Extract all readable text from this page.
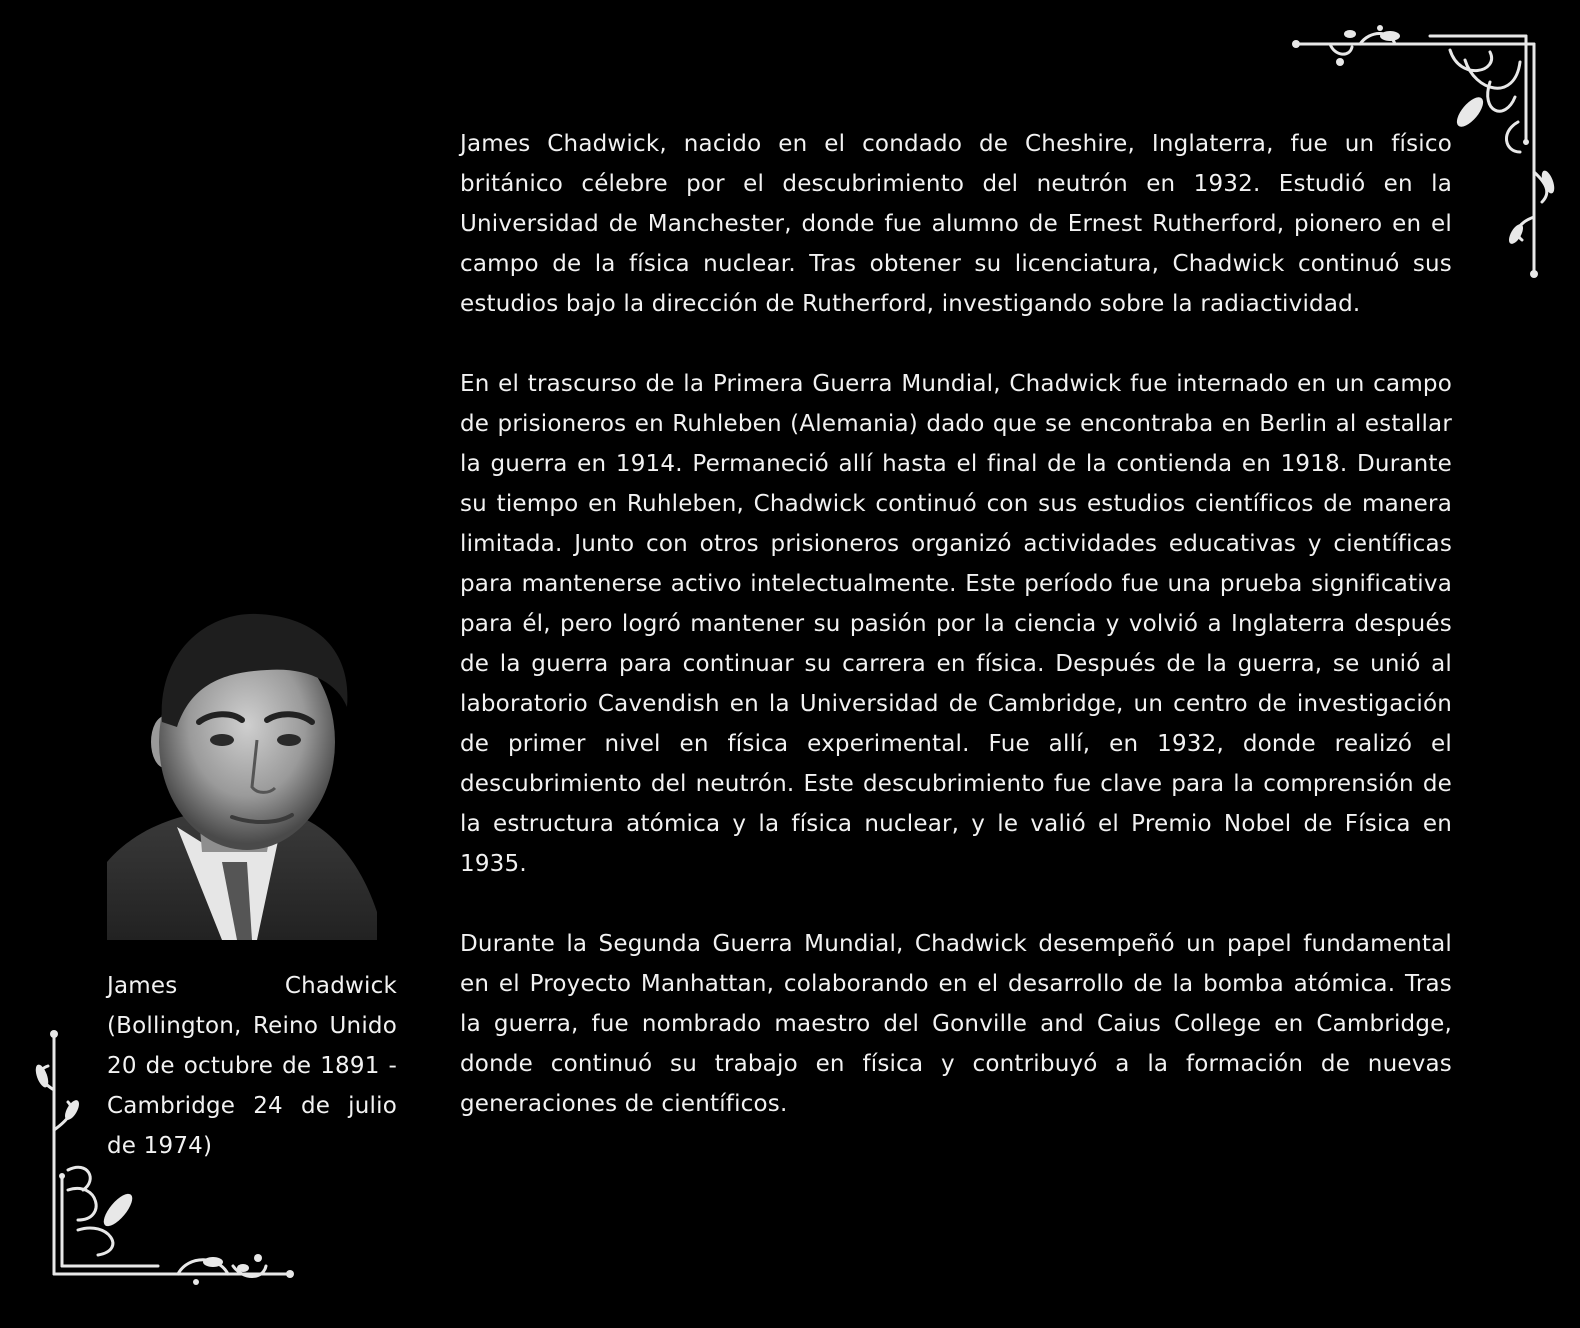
James Chadwick, nacido en el condado de Cheshire, Inglaterra, fue un físico británico célebre por el descubrimiento del neutrón en 1932. Estudió en la Universidad de Manchester, donde fue alumno de Ernest Rutherford, pionero en el campo de la física nuclear. Tras obtener su licenciatura, Chadwick continuó sus estudios bajo la dirección de Rutherford, investigando sobre la radiactividad.

En el trascurso de la Primera Guerra Mundial, Chadwick fue internado en un campo de prisioneros en Ruhleben (Alemania) dado que se encontraba en Berlin al estallar la guerra en 1914. Permaneció allí hasta el final de la contienda en 1918. Durante su tiempo en Ruhleben, Chadwick continuó con sus estudios científicos de manera limitada. Junto con otros prisioneros organizó actividades educativas y científicas para mantenerse activo intelectualmente. Este período fue una prueba significativa para él, pero logró mantener su pasión por la ciencia y volvió a Inglaterra después de la guerra para continuar su carrera en física. Después de la guerra, se unió al laboratorio Cavendish en la Universidad de Cambridge, un centro de investigación de primer nivel en física experimental. Fue allí, en 1932, donde realizó el descubrimiento del neutrón. Este descubrimiento fue clave para la comprensión de la estructura atómica y la física nuclear, y le valió el Premio Nobel de Física en 1935.

Durante la Segunda Guerra Mundial, Chadwick desempeñó un papel fundamental en el Proyecto Manhattan, colaborando en el desarrollo de la bomba atómica. Tras la guerra, fue nombrado maestro del Gonville and Caius College en Cambridge, donde continuó su trabajo en física y contribuyó a la formación de nuevas generaciones de científicos.

James Chadwick (Bollington, Reino Unido 20 de octubre de 1891 - Cambridge 24 de julio de 1974)
